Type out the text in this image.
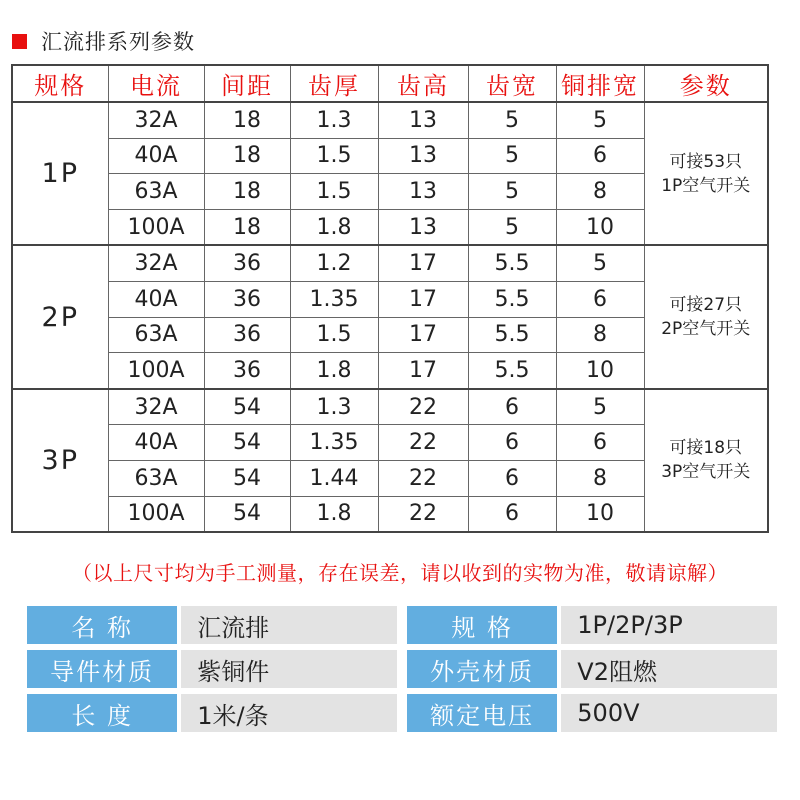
汇流排系列参数
规格	电流	间距	齿厚	齿高	齿宽	铜排宽	参数
1P	32A	18	1.3	13	5	5	可接53只
1P空气开关

	40A	18	1.5	13	5	6	
	63A	18	1.5	13	5	8	
	100A	18	1.8	13	5	10	
2P	32A	36	1.2	17	5.5	5	可接27只
2P空气开关

	40A	36	1.35	17	5.5	6	
	63A	36	1.5	17	5.5	8	
	100A	36	1.8	17	5.5	10	
3P	32A	54	1.3	22	6	5	可接18只
3P空气开关

	40A	54	1.35	22	6	6	
	63A	54	1.44	22	6	8	
	100A	54	1.8	22	6	10	
（以上尺寸均为手工测量，存在误差，请以收到的实物为准，敬请谅解）
名 称	汇流排	规 格	1P/2P/3P
导件材质	紫铜件	外壳材质	V2阻燃
长 度	1米/条	额定电压	500V
